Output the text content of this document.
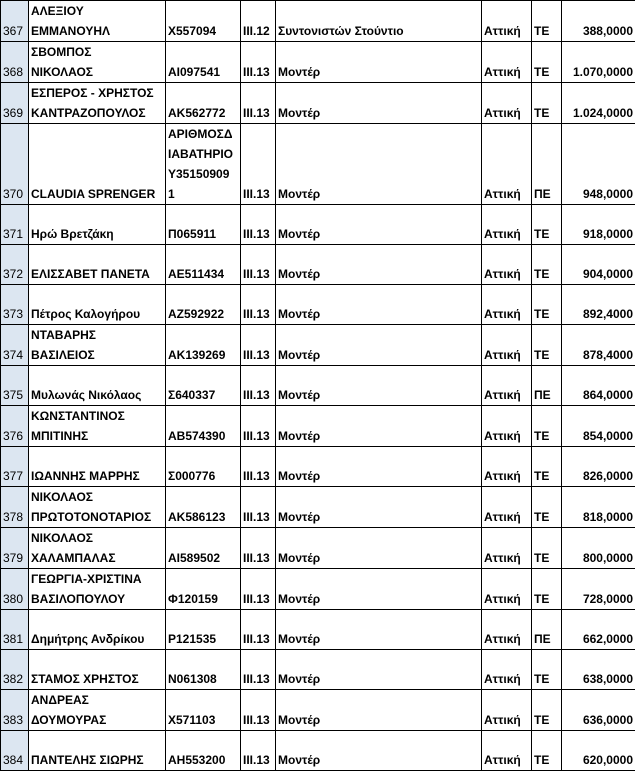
367	ΑΛΕΞΙΟΥ
ΕΜΜΑΝΟΥΗΛ	Χ557094	ΙΙΙ.12	Συντονιστών Στούντιο	Αττική	ΤΕ	388,0000
368	ΣΒΟΜΠΟΣ
ΝΙΚΟΛΑΟΣ	ΑΙ097541	ΙΙΙ.13	Μοντέρ	Αττική	ΤΕ	1.070,0000
369	ΕΣΠΕΡΟΣ - ΧΡΗΣΤΟΣ
ΚΑΝΤΡΑΖΟΠΟΥΛΟΣ	ΑΚ562772	ΙΙΙ.13	Μοντέρ	Αττική	ΤΕ	1.024,0000
370	CLAUDIA SPRENGER	ΑΡΙΘΜΟΣΔ
ΙΑΒΑΤΗΡΙΟ
Υ35150909
1	ΙΙΙ.13	Μοντέρ	Αττική	ΠΕ	948,0000
371	Ηρώ Βρετζάκη	Π065911	ΙΙΙ.13	Μοντέρ	Αττική	ΤΕ	918,0000
372	ΕΛΙΣΣΑΒΕΤ ΠΑΝΕΤΑ	ΑΕ511434	ΙΙΙ.13	Μοντέρ	Αττική	ΤΕ	904,0000
373	Πέτρος Καλογήρου	ΑΖ592922	ΙΙΙ.13	Μοντέρ	Αττική	ΤΕ	892,4000
374	ΝΤΑΒΑΡΗΣ
ΒΑΣΙΛΕΙΟΣ	ΑΚ139269	ΙΙΙ.13	Μοντέρ	Αττική	ΤΕ	878,4000
375	Μυλωνάς Νικόλαος	Σ640337	ΙΙΙ.13	Μοντέρ	Αττική	ΠΕ	864,0000
376	ΚΩΝΣΤΑΝΤΙΝΟΣ
ΜΠΙΤΙΝΗΣ	ΑΒ574390	ΙΙΙ.13	Μοντέρ	Αττική	ΤΕ	854,0000
377	ΙΩΑΝΝΗΣ ΜΑΡΡΗΣ	Σ000776	ΙΙΙ.13	Μοντέρ	Αττική	ΤΕ	826,0000
378	ΝΙΚΟΛΑΟΣ
ΠΡΩΤΟΤΟΝΟΤΑΡΙΟΣ	ΑΚ586123	ΙΙΙ.13	Μοντέρ	Αττική	ΤΕ	818,0000
379	ΝΙΚΟΛΑΟΣ
ΧΑΛΑΜΠΑΛΑΣ	ΑΙ589502	ΙΙΙ.13	Μοντέρ	Αττική	ΤΕ	800,0000
380	ΓΕΩΡΓΙΑ-ΧΡΙΣΤΙΝΑ
ΒΑΣΙΛΟΠΟΥΛΟΥ	Φ120159	ΙΙΙ.13	Μοντέρ	Αττική	ΤΕ	728,0000
381	Δημήτρης Ανδρίκου	Ρ121535	ΙΙΙ.13	Μοντέρ	Αττική	ΠΕ	662,0000
382	ΣΤΑΜΟΣ ΧΡΗΣΤΟΣ	Ν061308	ΙΙΙ.13	Μοντέρ	Αττική	ΤΕ	638,0000
383	ΑΝΔΡΕΑΣ
ΔΟΥΜΟΥΡΑΣ	Χ571103	ΙΙΙ.13	Μοντέρ	Αττική	ΤΕ	636,0000
384	ΠΑΝΤΕΛΗΣ ΣΙΩΡΗΣ	ΑΗ553200	ΙΙΙ.13	Μοντέρ	Αττική	ΤΕ	620,0000
